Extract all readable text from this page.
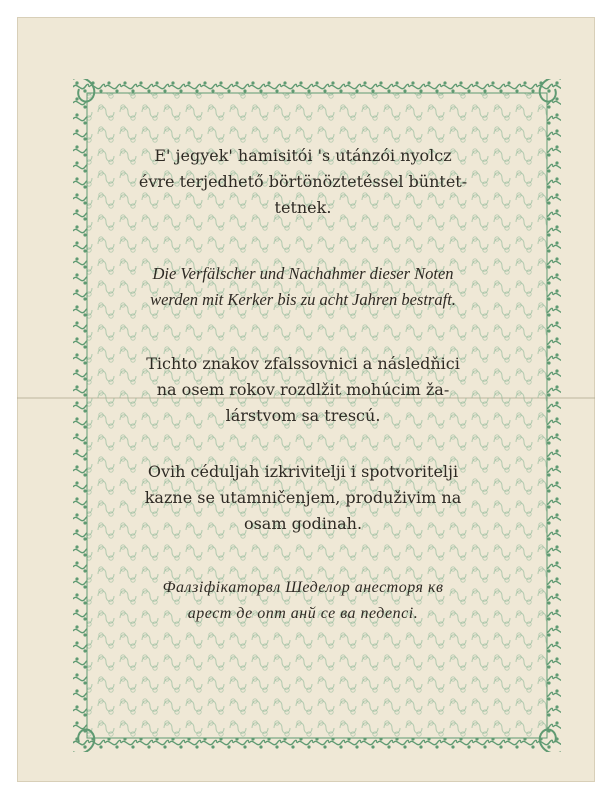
E' jegyek' hamisitói 's utánzói nyolcz
évre terjedhető börtönöztetéssel büntet-
tetnek.
Die Verfälscher und Nachahmer dieser Noten
werden mit Kerker bis zu acht Jahren bestraft.
Tichto znakov zfalssovnici a následňici
na osem rokov rozdlžit mohúcim ža-
lárstvom sa trescú.
Ovih cédulјah izkrivitelji i spotvoritelji
kazne se utamničenjem, produživim na
osam godinah.
Фалзіфікаторвл Шеделор анесторя кв
арест де опт анй се ва педепсі.
